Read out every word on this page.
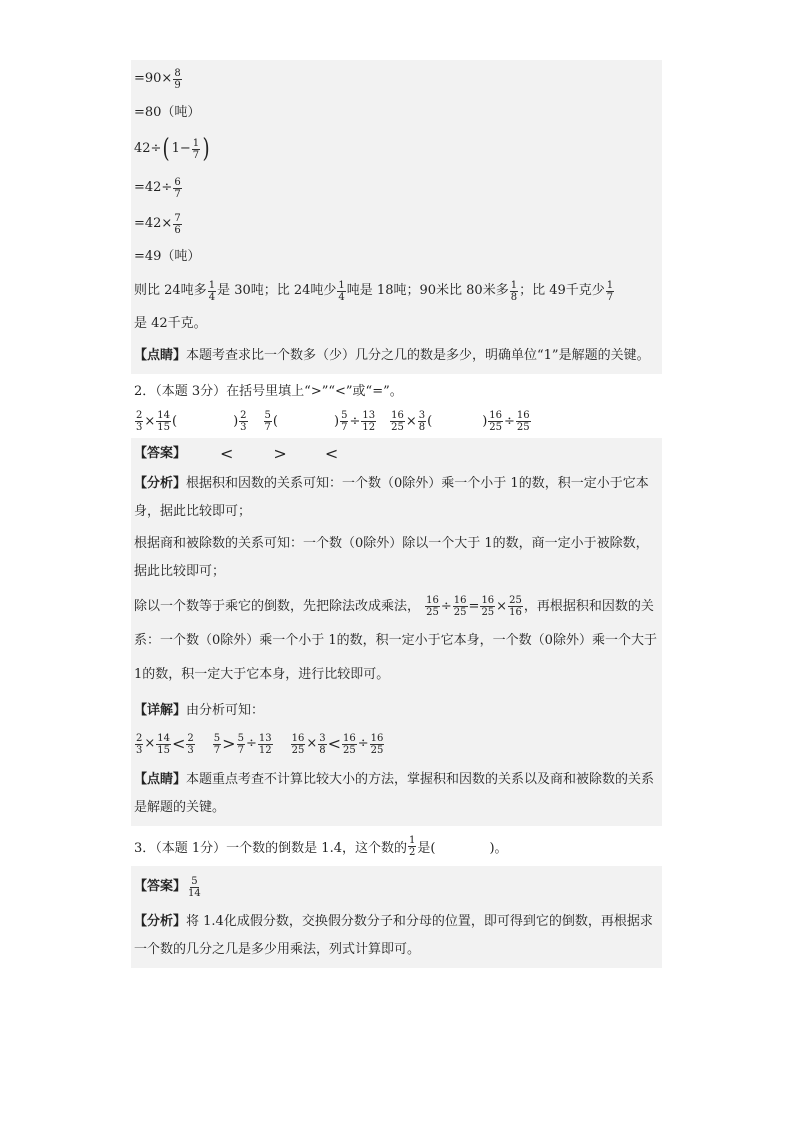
$=90\times \frac{8}{9}$
=80（吨）
42÷ ( $1- \frac{1}{7}$ )
$=42\div \frac{6}{7}$
$=42\times \frac{7}{6}$
=49（吨）
则比 24吨多 $\frac{1}{4}$ 是 30吨；比 24吨少 $\frac{1}{4}$ 吨是 18吨；90米比 80米多 $\frac{1}{8}$ ；比 49千克少 $\frac{1}{7}$
是 42千克。
【点睛】本题考查求比一个数多（少）几分之几的数是多少，明确单位“1”是解题的关键。
2．（本题 3分）在括号里填上“>”“<”或“=”。
$\frac{2}{3} \times \frac{14}{15}$ (	) $\frac{2}{3} \frac{5}{7}$ (	) $\frac{5}{7} \div \frac{13}{12} \frac{16}{25} \times \frac{3}{8}$ (	) $\frac{16}{25} \div \frac{16}{25}$
【答案】 <	> <
【分析】根据积和因数的关系可知：一个数（0除外）乘一个小于 1的数，积一定小于它本身，据此比较即可；
根据商和被除数的关系可知：一个数（0除外）除以一个大于 1的数，商一定小于被除数，据此比较即可；
除以一个数等于乘它的倒数，先把除法改成乘法， $\frac{16}{25} \div \frac{16}{25} = \frac{16}{25} \times \frac{25}{16}$ ，再根据积和因数的关系：一个数（0除外）乘一个小于 1的数，积一定小于它本身，一个数（0除外）乘一个大于 1的数，积一定大于它本身，进行比较即可。
【详解】 由分析可知：
$\frac{2}{3} \times \frac{14}{15} < \frac{2}{3} \frac{5}{7} > \frac{5}{7} \div \frac{13}{12} \frac{16}{25} \times \frac{3}{8} < \frac{16}{25} \div \frac{16}{25}$
【点睛】本题重点考查不计算比较大小的方法，掌握积和因数的关系以及商和被除数的关系是解题的关键。
3．（本题 1分）一个数的倒数是 1.4，这个数的 $\frac{1}{2}$ 是(	)。
【答案】 $\frac{5}{14}$
【分析】将 1.4化成假分数，交换假分数分子和分母的位置，即可得到它的倒数，再根据求一个数的几分之几是多少用乘法，列式计算即可。
